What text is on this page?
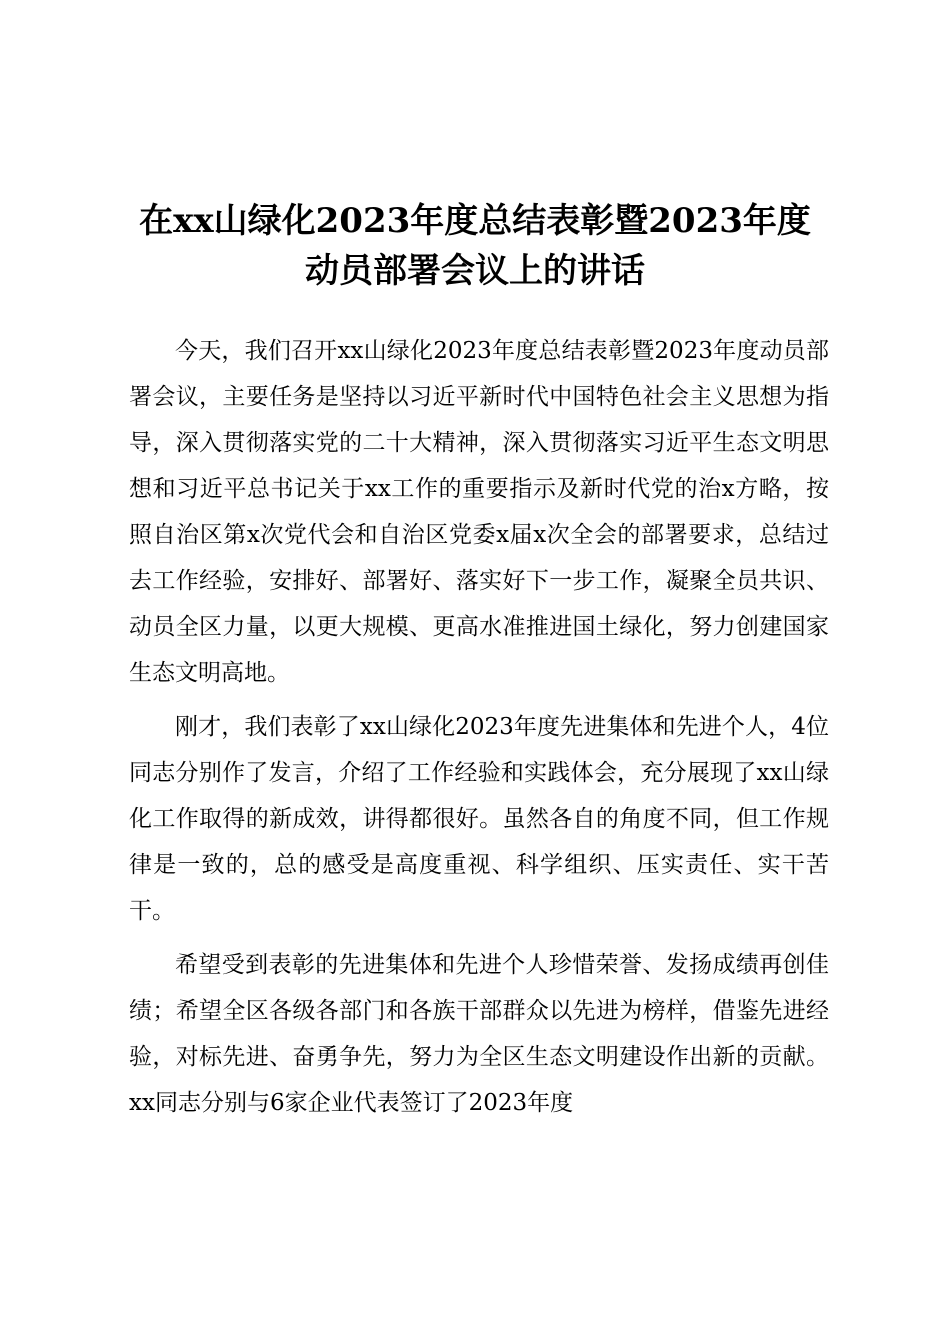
在xx山绿化2023年度总结表彰暨2023年度
动员部署会议上的讲话

今天，我们召开xx山绿化2023年度总结表彰暨2023年度动员部署会议，主要任务是坚持以习近平新时代中国特色社会主义思想为指导，深入贯彻落实党的二十大精神，深入贯彻落实习近平生态文明思想和习近平总书记关于xx工作的重要指示及新时代党的治x方略，按照自治区第x次党代会和自治区党委x届x次全会的部署要求，总结过去工作经验，安排好、部署好、落实好下一步工作，凝聚全员共识、动员全区力量，以更大规模、更高水准推进国土绿化，努力创建国家生态文明高地。

刚才，我们表彰了xx山绿化2023年度先进集体和先进个人，4位同志分别作了发言，介绍了工作经验和实践体会，充分展现了xx山绿化工作取得的新成效，讲得都很好。虽然各自的角度不同，但工作规律是一致的，总的感受是高度重视、科学组织、压实责任、实干苦干。

希望受到表彰的先进集体和先进个人珍惜荣誉、发扬成绩再创佳绩；希望全区各级各部门和各族干部群众以先进为榜样，借鉴先进经验，对标先进、奋勇争先，努力为全区生态文明建设作出新的贡献。xx同志分别与6家企业代表签订了2023年度
